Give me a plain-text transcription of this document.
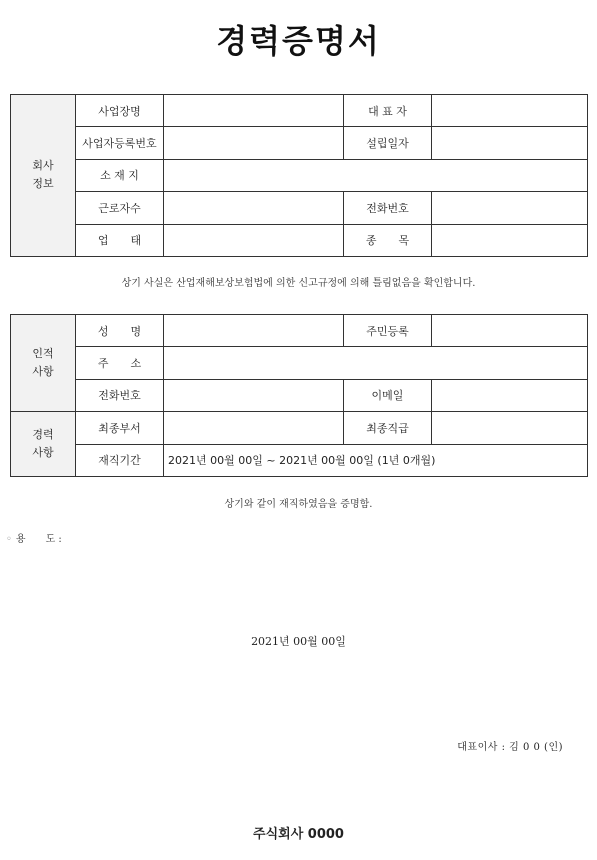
경력증명서
회사
정보	사업장명		대 표 자	
	사업자등록번호		설립일자	
	소 재 지			
	근로자수		전화번호	
	업　　태		종　　목	
상기 사실은 산업재해보상보험법에 의한 신고규정에 의해 틀림없음을 확인합니다.
인적
사항	성　　명		주민등록	
	주　　소			
	전화번호		이메일	
경력
사항	최종부서		최종직급	
	재직기간	2021년 00월 00일 ~ 2021년 00월 00일 (1년 0개월)		
상기와 같이 재직하였음을 증명함.
◦ 용　　도 :
2021년 00월 00일
대표이사 : 김 0 0 (인)
주식회사 0000
